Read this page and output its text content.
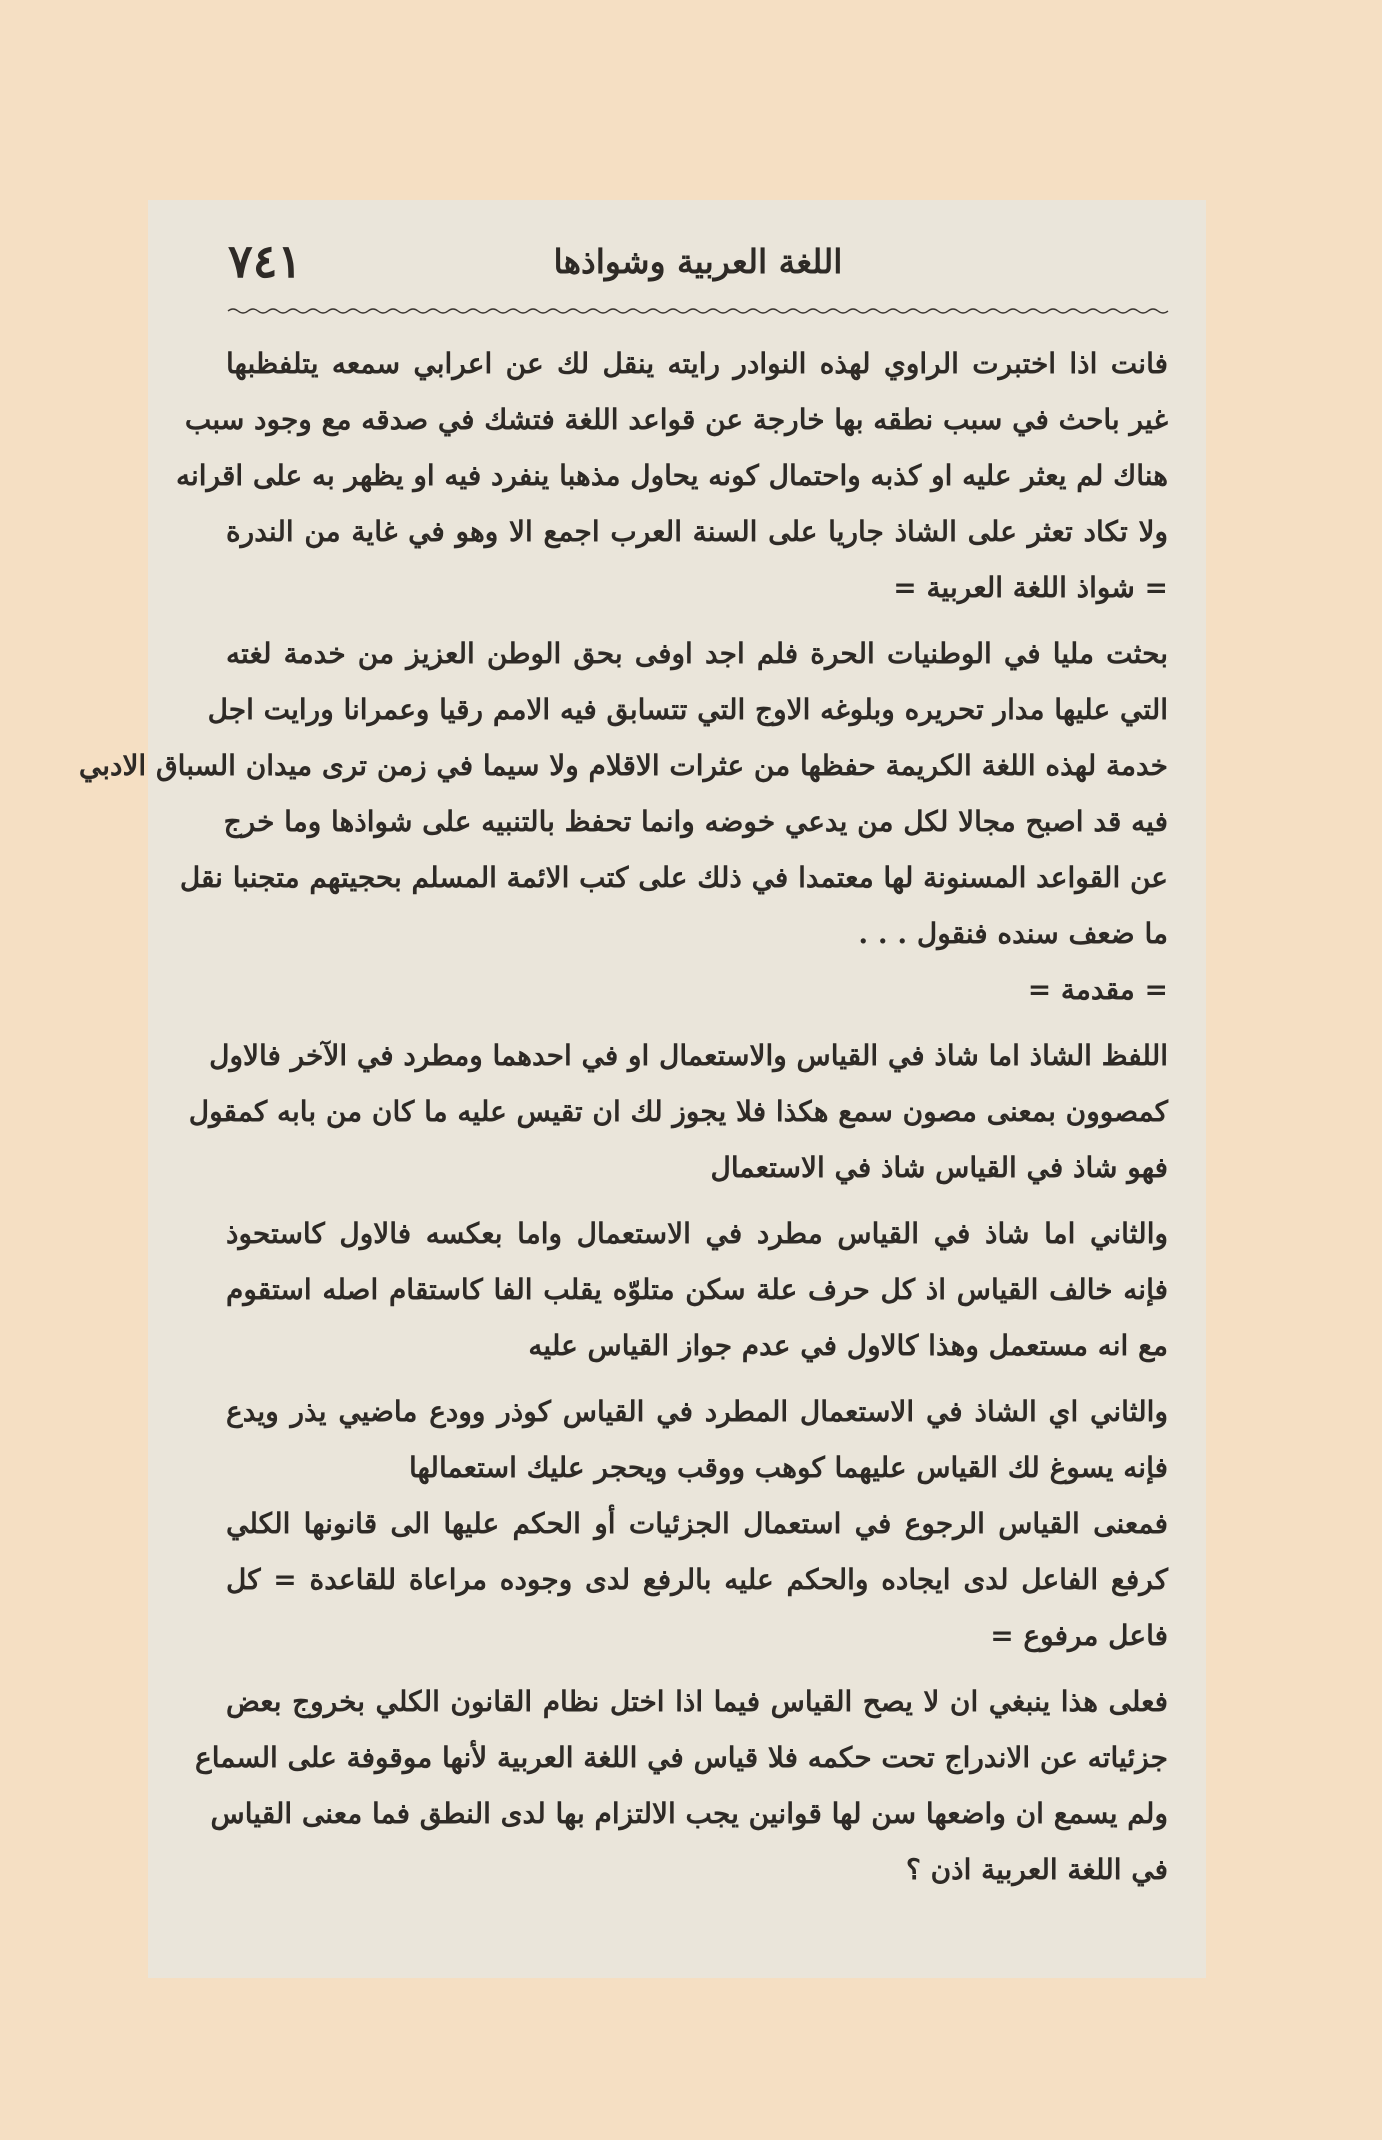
اللغة العربية وشواذها
٧٤١
فانت اذا اختبرت الراوي لهذه النوادر رايته ينقل لك عن اعرابي سمعه يتلفظبها
غير باحث في سبب نطقه بها خارجة عن قواعد اللغة فتشك في صدقه مع وجود سبب
هناك لم يعثر عليه او كذبه واحتمال كونه يحاول مذهبا ينفرد فيه او يظهر به على اقرانه
ولا تكاد تعثر على الشاذ جاريا على السنة العرب اجمع الا وهو في غاية من الندرة
= شواذ اللغة العربية =
بحثت مليا في الوطنيات الحرة فلم اجد اوفى بحق الوطن العزيز من خدمة لغته
التي عليها مدار تحريره وبلوغه الاوج التي تتسابق فيه الامم رقيا وعمرانا ورايت اجل
خدمة لهذه اللغة الكريمة حفظها من عثرات الاقلام ولا سيما في زمن ترى ميدان السباق الادبي
فيه قد اصبح مجالا لكل من يدعي خوضه وانما تحفظ بالتنبيه على شواذها وما خرج
عن القواعد المسنونة لها معتمدا في ذلك على كتب الائمة المسلم بحجيتهم متجنبا نقل
ما ضعف سنده فنقول . . .
= مقدمة =
اللفظ الشاذ اما شاذ في القياس والاستعمال او في احدهما ومطرد في الآخر فالاول
كمصوون بمعنى مصون سمع هكذا فلا يجوز لك ان تقيس عليه ما كان من بابه كمقول
فهو شاذ في القياس شاذ في الاستعمال
والثاني اما شاذ في القياس مطرد في الاستعمال واما بعكسه فالاول كاستحوذ
فإنه خالف القياس اذ كل حرف علة سكن متلوّه يقلب الفا كاستقام اصله استقوم
مع انه مستعمل وهذا كالاول في عدم جواز القياس عليه
والثاني اي الشاذ في الاستعمال المطرد في القياس كوذر وودع ماضيي يذر ويدع
فإنه يسوغ لك القياس عليهما كوهب ووقب ويحجر عليك استعمالها
فمعنى القياس الرجوع في استعمال الجزئيات أو الحكم عليها الى قانونها الكلي
كرفع الفاعل لدى ايجاده والحكم عليه بالرفع لدى وجوده مراعاة للقاعدة = كل
فاعل مرفوع =
فعلى هذا ينبغي ان لا يصح القياس فيما اذا اختل نظام القانون الكلي بخروج بعض
جزئياته عن الاندراج تحت حكمه فلا قياس في اللغة العربية لأنها موقوفة على السماع
ولم يسمع ان واضعها سن لها قوانين يجب الالتزام بها لدى النطق فما معنى القياس
في اللغة العربية اذن ؟
